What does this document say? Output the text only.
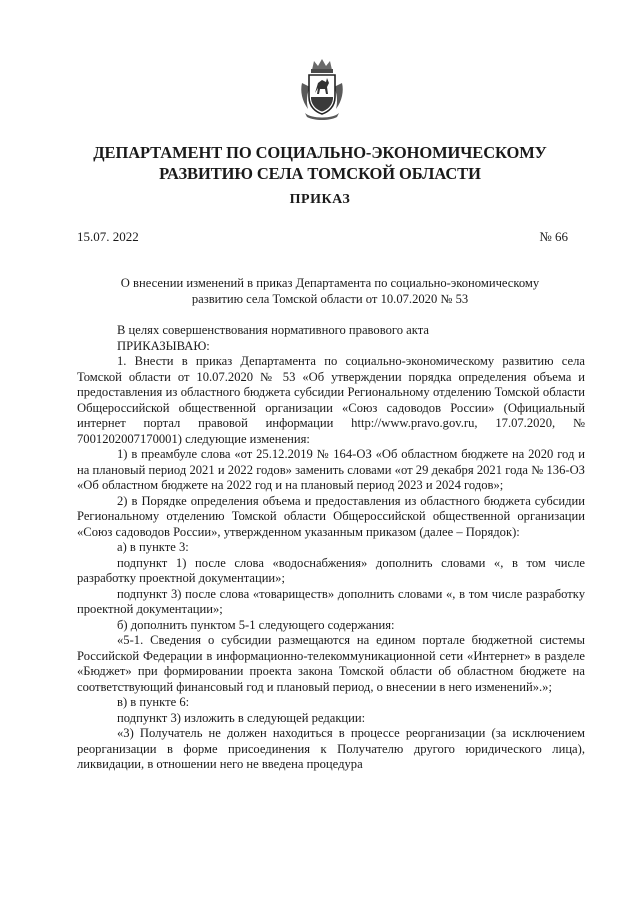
ДЕПАРТАМЕНТ ПО СОЦИАЛЬНО-ЭКОНОМИЧЕСКОМУ
РАЗВИТИЮ СЕЛА ТОМСКОЙ ОБЛАСТИ
ПРИКАЗ
15.07. 2022	№ 66
О внесении изменений в приказ Департамента по социально-экономическому
развитию села Томской области от 10.07.2020 № 53

В целях совершенствования нормативного правового акта

ПРИКАЗЫВАЮ:

1. Внести в приказ Департамента по социально-экономическому развитию села Томской области от 10.07.2020 № 53 «Об утверждении порядка определения объема и предоставления из областного бюджета субсидии Региональному отделению Томской области Общероссийской общественной организации «Союз садоводов России» (Официальный интернет портал правовой информации http://www.pravo.gov.ru, 17.07.2020, № 7001202007170001) следующие изменения:

1) в преамбуле слова «от 25.12.2019 № 164-ОЗ «Об областном бюджете на 2020 год и на плановый период 2021 и 2022 годов» заменить словами «от 29 декабря 2021 года № 136-ОЗ «Об областном бюджете на 2022 год и на плановый период 2023 и 2024 годов»;

2) в Порядке определения объема и предоставления из областного бюджета субсидии Региональному отделению Томской области Общероссийской общественной организации «Союз садоводов России», утвержденном указанным приказом (далее – Порядок):

а) в пункте 3:

подпункт 1) после слова «водоснабжения» дополнить словами «, в том числе разработку проектной документации»;

подпункт 3) после слова «товариществ» дополнить словами «, в том числе разработку проектной документации»;

б) дополнить пунктом 5-1 следующего содержания:

«5-1. Сведения о субсидии размещаются на едином портале бюджетной системы Российской Федерации в информационно-телекоммуникационной сети «Интернет» в разделе «Бюджет» при формировании проекта закона Томской области об областном бюджете на соответствующий финансовый год и плановый период, о внесении в него изменений».»;

в) в пункте 6:

подпункт 3) изложить в следующей редакции:

«3) Получатель не должен находиться в процессе реорганизации (за исключением реорганизации в форме присоединения к Получателю другого юридического лица), ликвидации, в отношении него не введена процедура
